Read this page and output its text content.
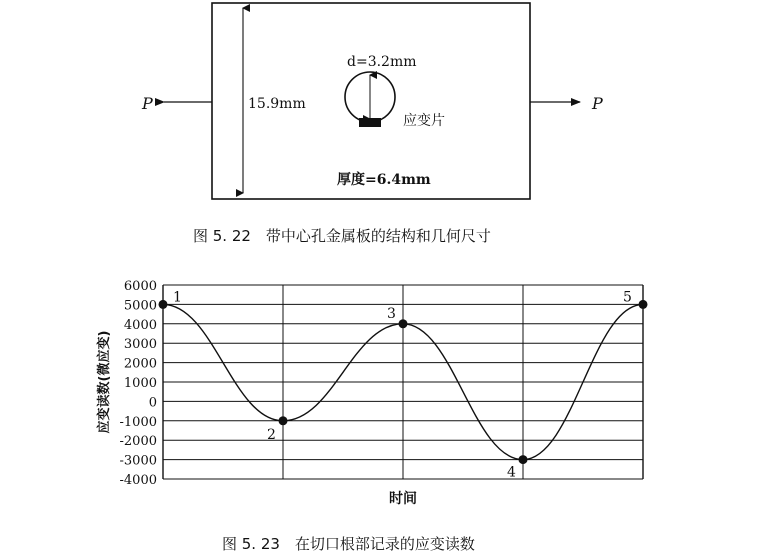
P	P
15.9mm
d=3.2mm
应变片
厚度=6.4mm
图 5. 22　带中心孔金属板的结构和几何尺寸
6000
5000
4000
3000
2000
1000
0
-1000
-2000
-3000
-4000
1
2
3
4
5
时间
应变读数(微应变)
图 5. 23　在切口根部记录的应变读数
